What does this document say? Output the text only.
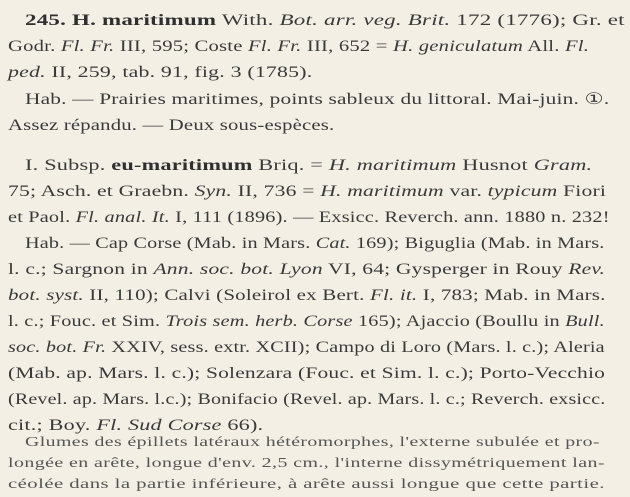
245. H. maritimum With. Bot. arr. veg. Brit. 172 (1776); Gr. et
Godr. Fl. Fr. III, 595; Coste Fl. Fr. III, 652 = H. geniculatum All. Fl.
ped. II, 259, tab. 91, fig. 3 (1785).
Hab. — Prairies maritimes, points sableux du littoral. Mai-juin. ①.
Assez répandu. — Deux sous-espèces.
I. Subsp. eu-maritimum Briq. = H. maritimum Husnot Gram.
75; Asch. et Graebn. Syn. II, 736 = H. maritimum var. typicum Fiori
et Paol. Fl. anal. It. I, 111 (1896). — Exsicc. Reverch. ann. 1880 n. 232!
Hab. — Cap Corse (Mab. in Mars. Cat. 169); Biguglia (Mab. in Mars.
l. c.; Sargnon in Ann. soc. bot. Lyon VI, 64; Gysperger in Rouy Rev.
bot. syst. II, 110); Calvi (Soleirol ex Bert. Fl. it. I, 783; Mab. in Mars.
l. c.; Fouc. et Sim. Trois sem. herb. Corse 165); Ajaccio (Boullu in Bull.
soc. bot. Fr. XXIV, sess. extr. XCII); Campo di Loro (Mars. l. c.); Aleria
(Mab. ap. Mars. l. c.); Solenzara (Fouc. et Sim. l. c.); Porto-Vecchio
(Revel. ap. Mars. l.c.); Bonifacio (Revel. ap. Mars. l. c.; Reverch. exsicc.
cit.; Boy. Fl. Sud Corse 66).
Glumes des épillets latéraux hétéromorphes, l'externe subulée et pro-
longée en arête, longue d'env. 2,5 cm., l'interne dissymétriquement lan-
céolée dans la partie inférieure, à arête aussi longue que cette partie.
